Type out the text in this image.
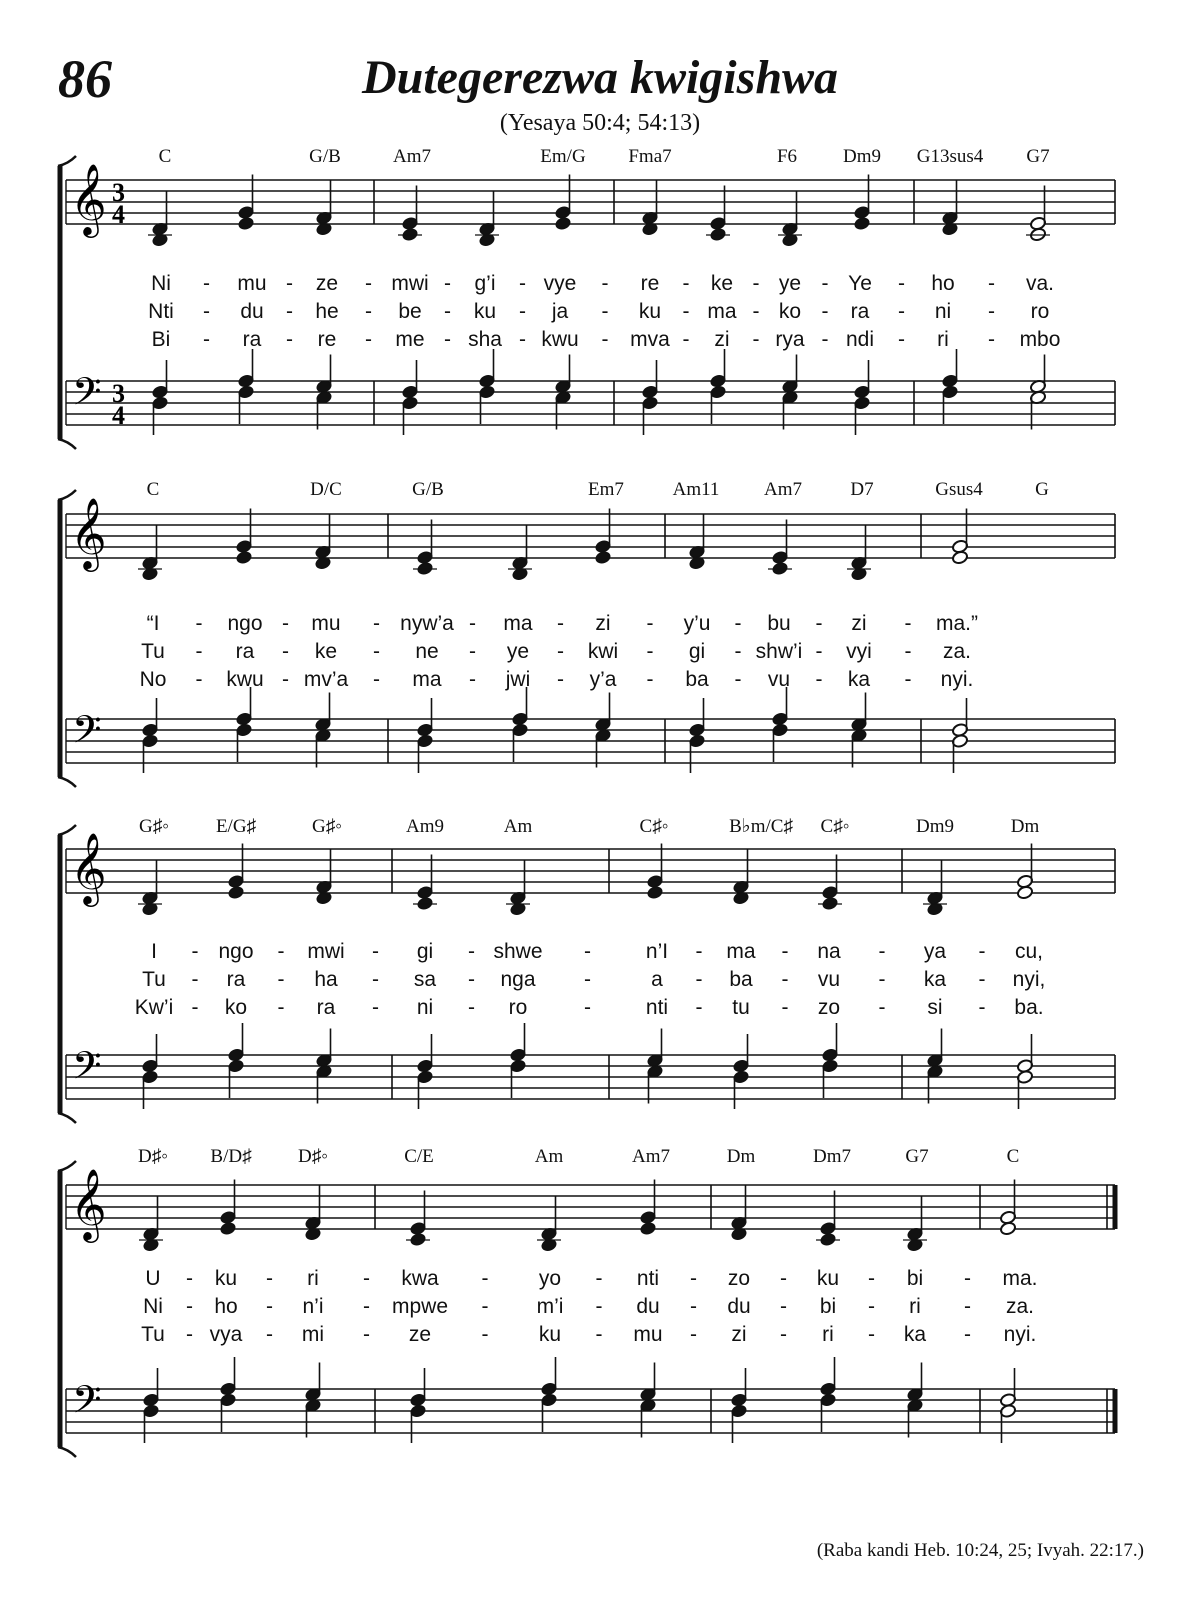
86	Dutegerezwa kwigishwa
(Yesaya 50:4; 54:13)
𝄞 3
4
𝄢 3
4
C	G/B	Am7	Em/G Fma7	F6 Dm9 G13sus4 G7
Ni - mu - ze - mwi - g’i - vye - re - ke - ye - Ye - ho - va.
Nti - du - he - be - ku - ja - ku - ma - ko - ra - ni - ro
Bi - ra - re - me - sha - kwu - mva - zi - rya - ndi - ri - mbo
𝄞
𝄢
C	D/C	G/B	Em7	Am11 Am7	D7	Gsus4	G
“I - ngo - mu - nyw’a - ma - zi - y’u - bu - zi - ma.”
Tu - ra - ke - ne - ye - kwi - gi - shw’i - vyi - za.
No - kwu - mv’a - ma - jwi - y’a - ba - vu - ka - nyi.
𝄞
𝄢
G♯◦ E/G♯	G♯◦	Am9	Am	C♯◦	B♭m/C♯ C♯◦	Dm9	Dm
I - ngo - mwi - gi - shwe -	n’I - ma - na - ya - cu,
Tu - ra - ha - sa - nga -	a - ba - vu - ka - nyi,
Kw’i - ko - ra - ni - ro	-	nti - tu - zo - si - ba.
𝄞
𝄢
D♯◦ B/D♯ D♯◦	C/E	Am	Am7	Dm	Dm7	G7	C
U - ku - ri - kwa - yo - nti - zo - ku - bi - ma.
Ni - ho - n’i - mpwe - m’i - du - du - bi - ri - za.
Tu - vya - mi - ze - ku - mu - zi - ri - ka - nyi.
(Raba kandi Heb. 10:24, 25; Ivyah. 22:17.)
